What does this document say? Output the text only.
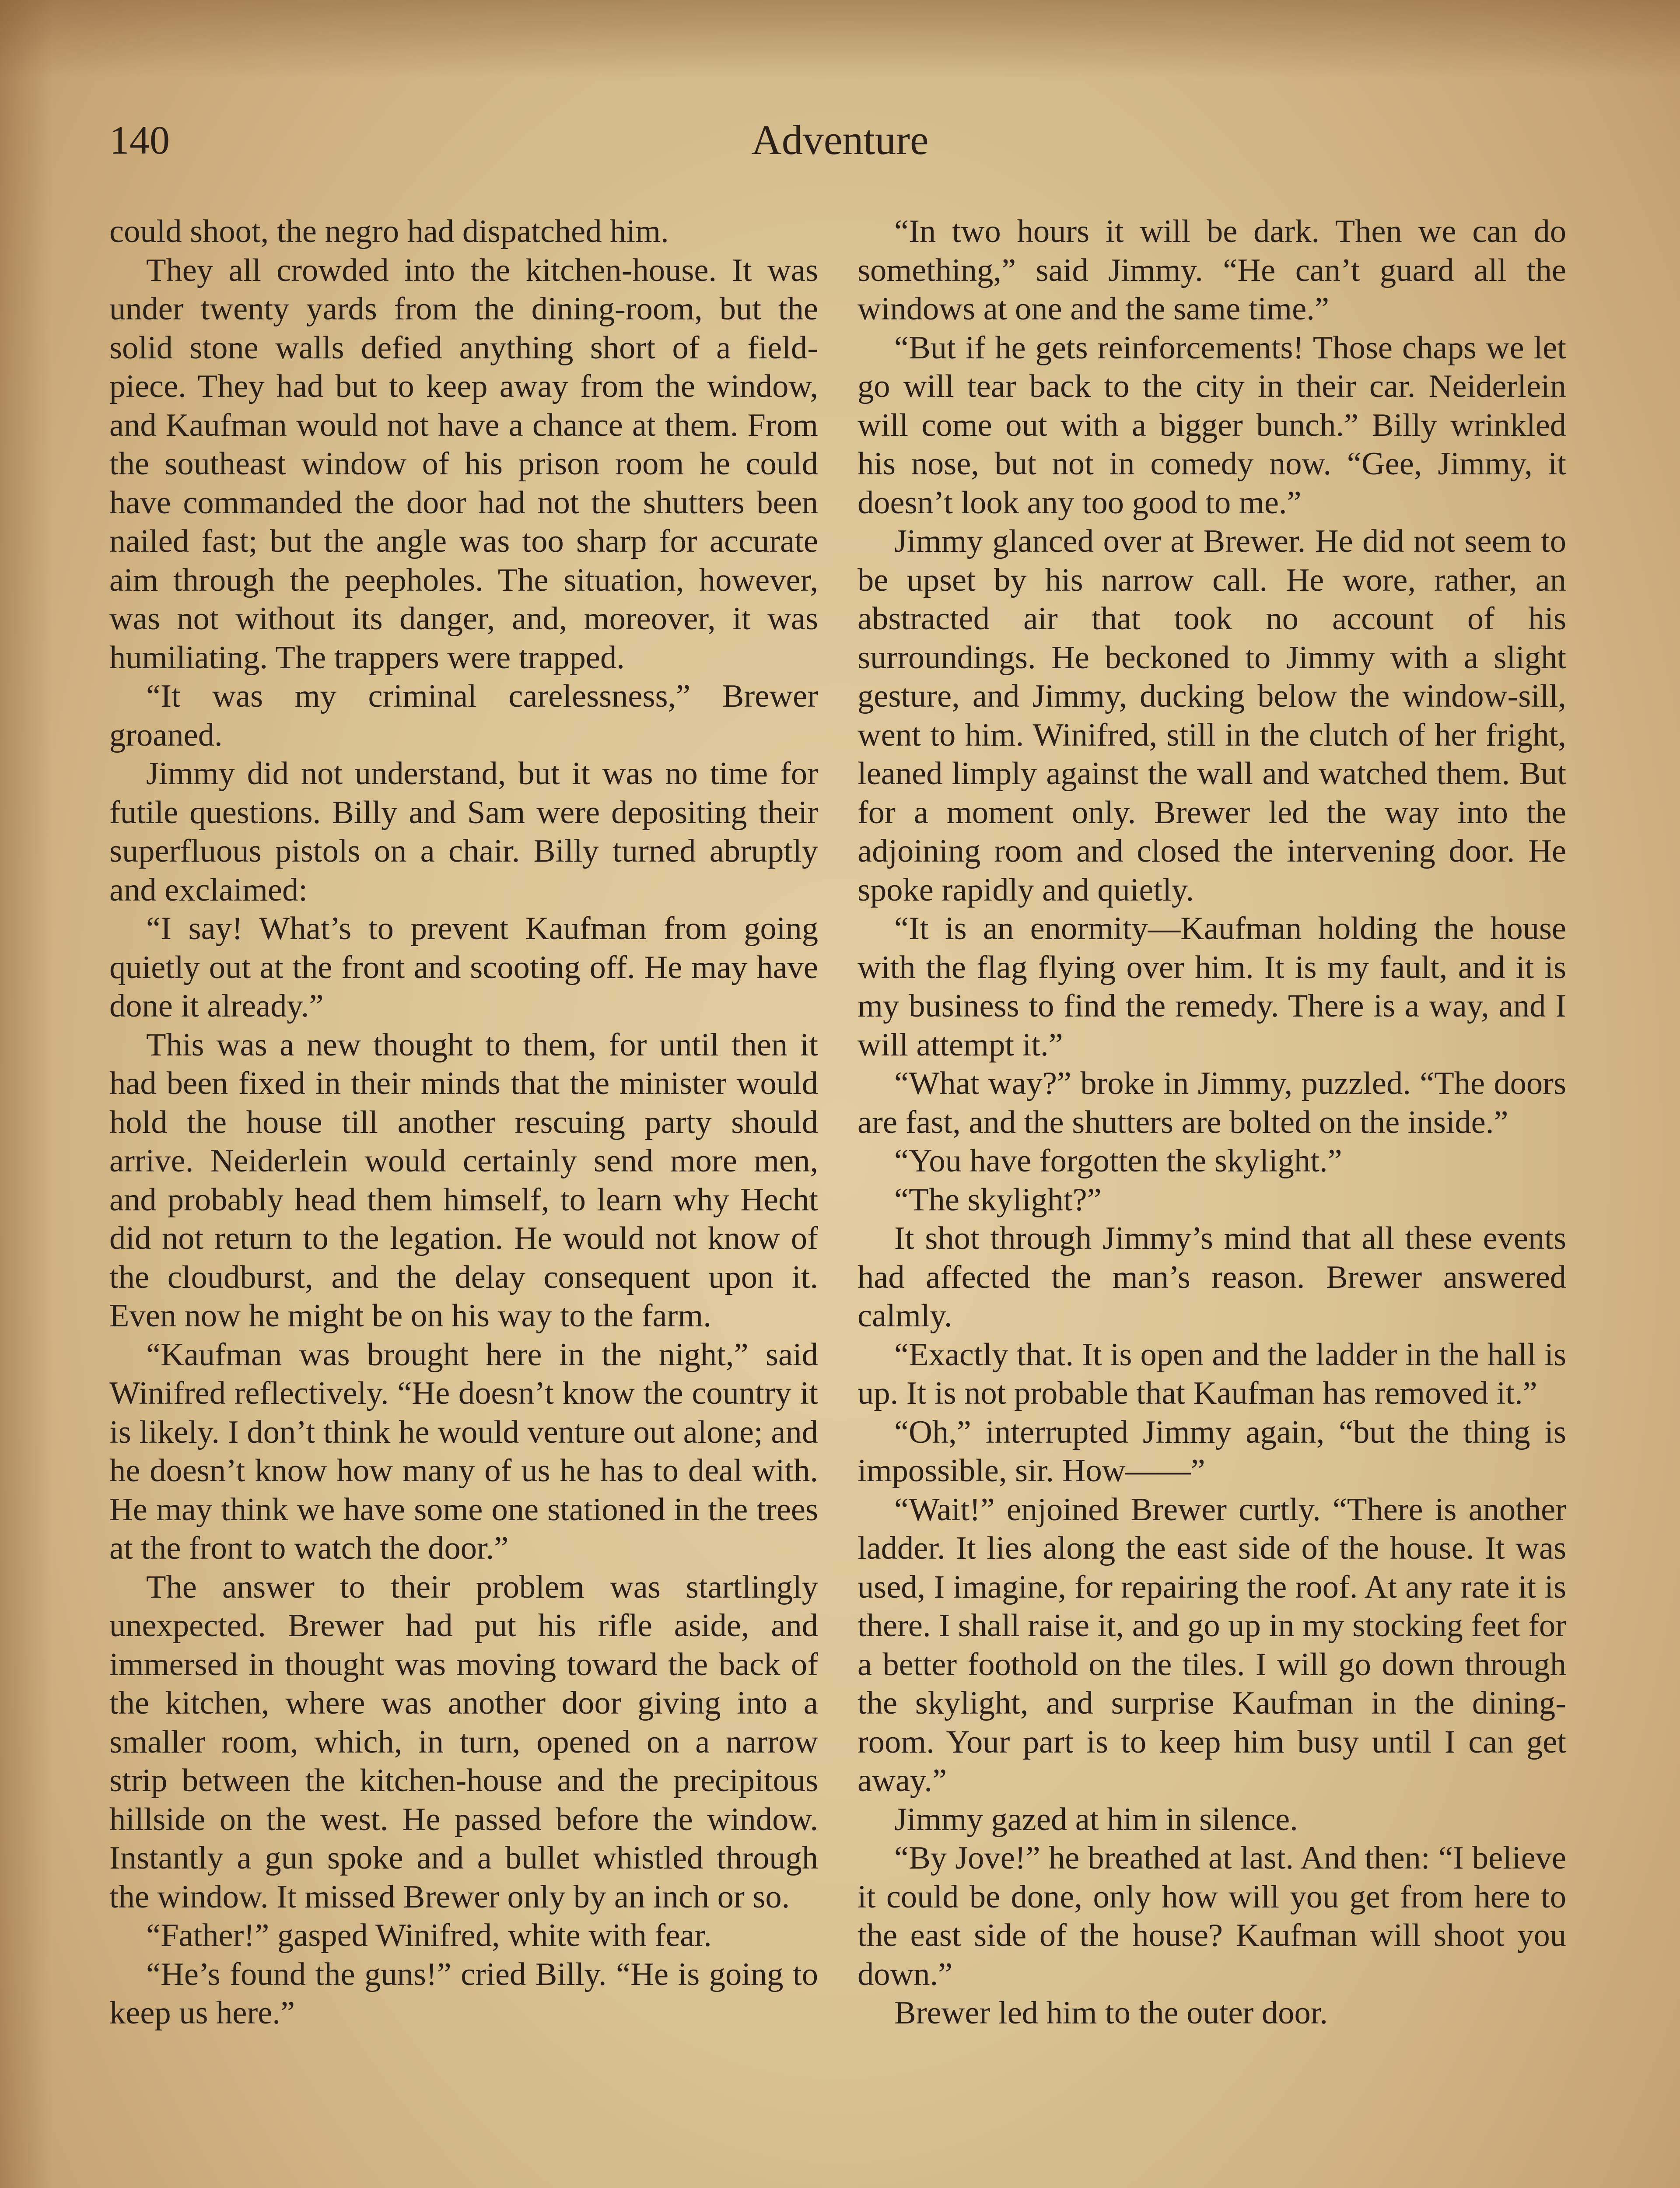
140	Adventure

could shoot, the negro had dispatched him.

They all crowded into the kitchen-house. It was under twenty yards from the dining-room, but the solid stone walls defied anything short of a field-piece. They had but to keep away from the window, and Kaufman would not have a chance at them. From the southeast window of his prison room he could have commanded the door had not the shutters been nailed fast; but the angle was too sharp for accurate aim through the peepholes. The situation, however, was not without its danger, and, moreover, it was humiliating. The trappers were trapped.

“It was my criminal carelessness,” Brewer groaned.

Jimmy did not understand, but it was no time for futile questions. Billy and Sam were depositing their superfluous pistols on a chair. Billy turned abruptly and exclaimed:

“I say! What’s to prevent Kaufman from going quietly out at the front and scooting off. He may have done it already.”

This was a new thought to them, for until then it had been fixed in their minds that the minister would hold the house till another rescuing party should arrive. Neiderlein would certainly send more men, and probably head them himself, to learn why Hecht did not return to the legation. He would not know of the cloudburst, and the delay consequent upon it. Even now he might be on his way to the farm.

“Kaufman was brought here in the night,” said Winifred reflectively. “He doesn’t know the country it is likely. I don’t think he would venture out alone; and he doesn’t know how many of us he has to deal with. He may think we have some one stationed in the trees at the front to watch the door.”

The answer to their problem was startlingly unexpected. Brewer had put his rifle aside, and immersed in thought was moving toward the back of the kitchen, where was another door giving into a smaller room, which, in turn, opened on a narrow strip between the kitchen-house and the precipitous hillside on the west. He passed before the window. Instantly a gun spoke and a bullet whistled through the window. It missed Brewer only by an inch or so.

“Father!” gasped Winifred, white with fear.

“He’s found the guns!” cried Billy. “He is going to keep us here.”

“In two hours it will be dark. Then we can do something,” said Jimmy. “He can’t guard all the windows at one and the same time.”

“But if he gets reinforcements! Those chaps we let go will tear back to the city in their car. Neiderlein will come out with a bigger bunch.” Billy wrinkled his nose, but not in comedy now. “Gee, Jimmy, it doesn’t look any too good to me.”

Jimmy glanced over at Brewer. He did not seem to be upset by his narrow call. He wore, rather, an abstracted air that took no account of his surroundings. He beckoned to Jimmy with a slight gesture, and Jimmy, ducking below the window-sill, went to him. Winifred, still in the clutch of her fright, leaned limply against the wall and watched them. But for a moment only. Brewer led the way into the adjoining room and closed the intervening door. He spoke rapidly and quietly.

“It is an enormity—Kaufman holding the house with the flag flying over him. It is my fault, and it is my business to find the remedy. There is a way, and I will attempt it.”

“What way?” broke in Jimmy, puzzled. “The doors are fast, and the shutters are bolted on the inside.”

“You have forgotten the skylight.”

“The skylight?”

It shot through Jimmy’s mind that all these events had affected the man’s reason. Brewer answered calmly.

“Exactly that. It is open and the ladder in the hall is up. It is not probable that Kaufman has removed it.”

“Oh,” interrupted Jimmy again, “but the thing is impossible, sir. How——”

“Wait!” enjoined Brewer curtly. “There is another ladder. It lies along the east side of the house. It was used, I imagine, for repairing the roof. At any rate it is there. I shall raise it, and go up in my stocking feet for a better foothold on the tiles. I will go down through the skylight, and surprise Kaufman in the dining-room. Your part is to keep him busy until I can get away.”

Jimmy gazed at him in silence.

“By Jove!” he breathed at last. And then: “I believe it could be done, only how will you get from here to the east side of the house? Kaufman will shoot you down.”

Brewer led him to the outer door.
